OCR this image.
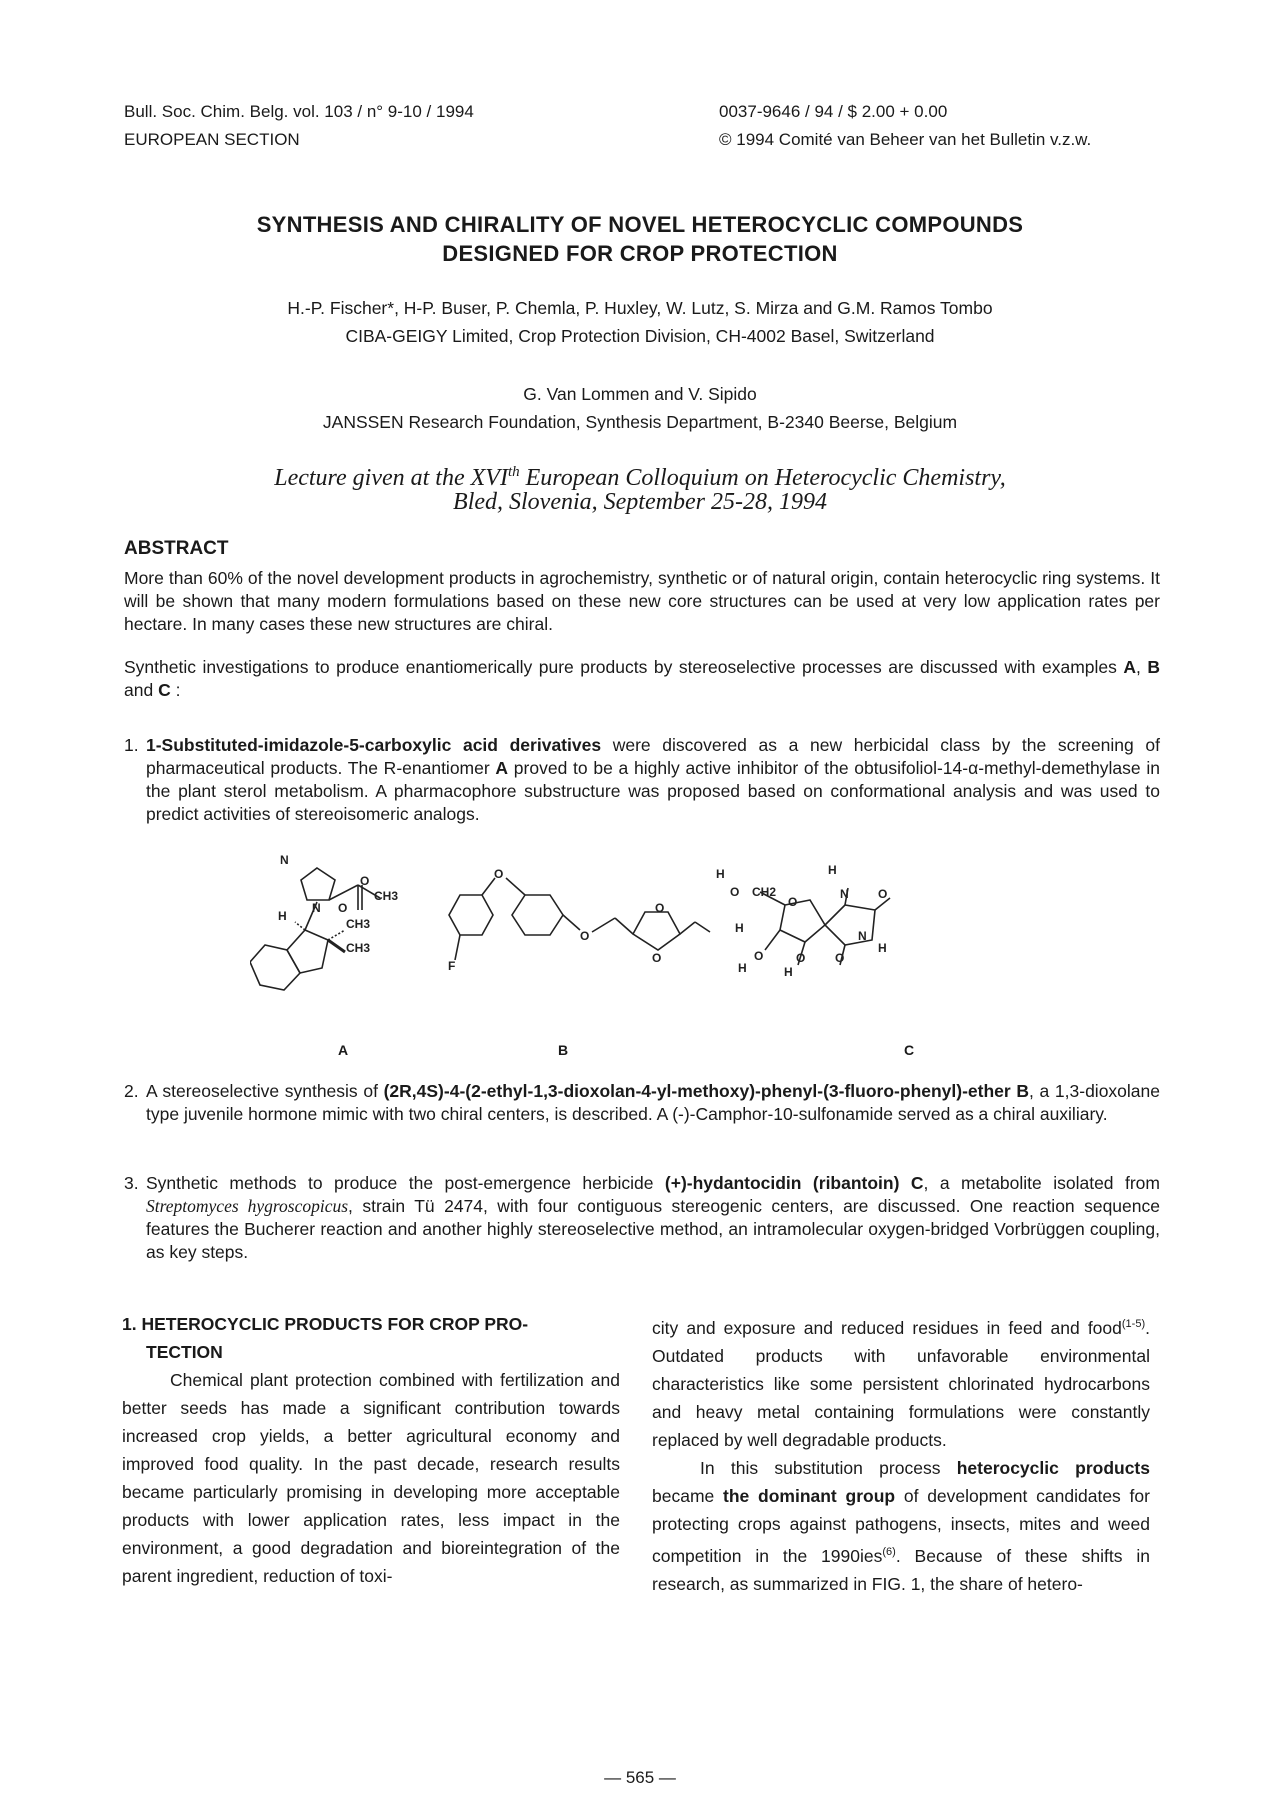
Bull. Soc. Chim. Belg. vol. 103 / n° 9-10 / 1994
EUROPEAN SECTION
0037-9646 / 94 / $ 2.00 + 0.00
© 1994 Comité van Beheer van het Bulletin v.z.w.
SYNTHESIS AND CHIRALITY OF NOVEL HETEROCYCLIC COMPOUNDS
DESIGNED FOR CROP PROTECTION
H.-P. Fischer*, H-P. Buser, P. Chemla, P. Huxley, W. Lutz, S. Mirza and G.M. Ramos Tombo
CIBA-GEIGY Limited, Crop Protection Division, CH-4002 Basel, Switzerland
G. Van Lommen and V. Sipido
JANSSEN Research Foundation, Synthesis Department, B-2340 Beerse, Belgium
Lecture given at the XVIth European Colloquium on Heterocyclic Chemistry,
Bled, Slovenia, September 25-28, 1994
ABSTRACT
More than 60% of the novel development products in agrochemistry, synthetic or of natural origin, contain heterocyclic ring systems. It will be shown that many modern formulations based on these new core structures can be used at very low application rates per hectare. In many cases these new structures are chiral.
Synthetic investigations to produce enantiomerically pure products by stereoselective processes are discussed with examples A, B and C :
1. 1-Substituted-imidazole-5-carboxylic acid derivatives were discovered as a new herbicidal class by the screening of pharmaceutical products. The R-enantiomer A proved to be a highly active inhibitor of the obtusifoliol-14-α-methyl-demethylase in the plant sterol metabolism. A pharmacophore substructure was proposed based on conformational analysis and was used to predict activities of stereoisomeric analogs.
N
N
O
CH3
O
H
CH3
CH3
O
F
O
O
O
H
O CH2
O
H
N O
N
H
H
O
H
O
H
O
A	B	C
2. A stereoselective synthesis of (2R,4S)-4-(2-ethyl-1,3-dioxolan-4-yl-methoxy)-phenyl-(3-fluoro-phenyl)-ether B, a 1,3-dioxolane type juvenile hormone mimic with two chiral centers, is described. A (-)-Camphor-10-sulfonamide served as a chiral auxiliary.
3. Synthetic methods to produce the post-emergence herbicide (+)-hydantocidin (ribantoin) C, a metabolite isolated from Streptomyces hygroscopicus, strain Tü 2474, with four contiguous stereogenic centers, are discussed. One reaction sequence features the Bucherer reaction and another highly stereoselective method, an intramolecular oxygen-bridged Vorbrüggen coupling, as key steps.
1. HETEROCYCLIC PRODUCTS FOR CROP PRO-
TECTION
Chemical plant protection combined with fertilization and better seeds has made a significant contribution towards increased crop yields, a better agricultural economy and improved food quality. In the past decade, research results became particularly promising in developing more acceptable products with lower application rates, less impact in the environment, a good degradation and bioreintegration of the parent ingredient, reduction of toxi-
city and exposure and reduced residues in feed and food$^{(1-5)}$. Outdated products with unfavorable environmental characteristics like some persistent chlorinated hydrocarbons and heavy metal containing formulations were constantly replaced by well degradable products.
In this substitution process heterocyclic products became the dominant group of development candidates for protecting crops against pathogens, insects, mites and weed competition in the 1990ies$^{(6)}$. Because of these shifts in research, as summarized in FIG. 1, the share of hetero-
— 565 —
